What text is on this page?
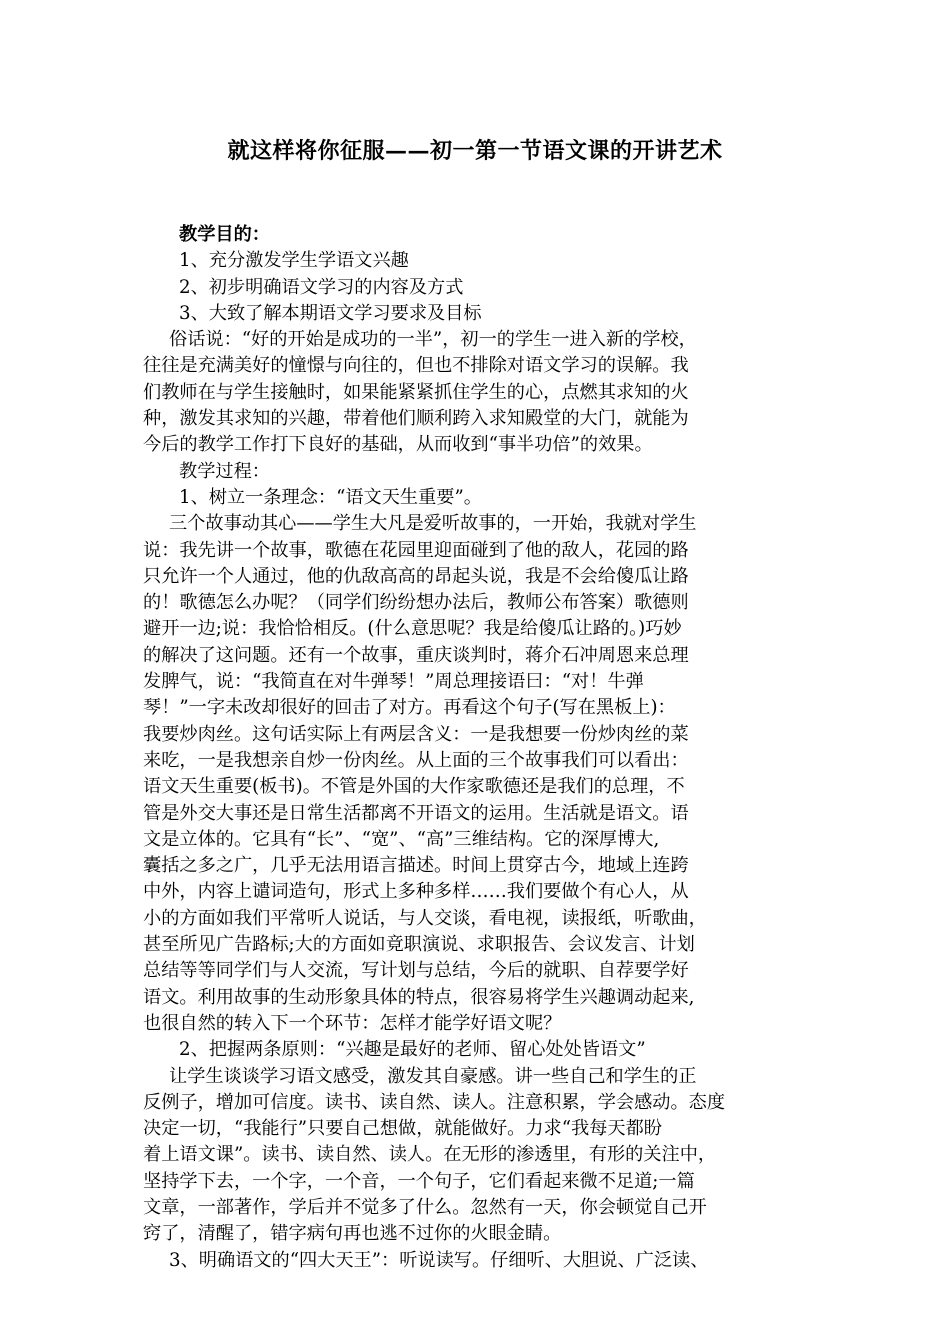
就这样将你征服——初一第一节语文课的开讲艺术
教学目的：
1、充分激发学生学语文兴趣
2、初步明确语文学习的内容及方式
3、大致了解本期语文学习要求及目标
俗话说：“好的开始是成功的一半”，初一的学生一进入新的学校，
往往是充满美好的憧憬与向往的，但也不排除对语文学习的误解。我
们教师在与学生接触时，如果能紧紧抓住学生的心，点燃其求知的火
种，激发其求知的兴趣，带着他们顺利跨入求知殿堂的大门，就能为
今后的教学工作打下良好的基础，从而收到“事半功倍”的效果。
教学过程：
1、树立一条理念：“语文天生重要”。
三个故事动其心——学生大凡是爱听故事的，一开始，我就对学生
说：我先讲一个故事，歌德在花园里迎面碰到了他的敌人，花园的路
只允许一个人通过，他的仇敌高高的昂起头说，我是不会给傻瓜让路
的！歌德怎么办呢？（同学们纷纷想办法后，教师公布答案）歌德则
避开一边;说：我恰恰相反。(什么意思呢？我是给傻瓜让路的。)巧妙
的解决了这问题。还有一个故事，重庆谈判时，蒋介石冲周恩来总理
发脾气，说：“我简直在对牛弹琴！”周总理接语曰：“对！牛弹
琴！”一字未改却很好的回击了对方。再看这个句子(写在黑板上)：
我要炒肉丝。这句话实际上有两层含义：一是我想要一份炒肉丝的菜
来吃，一是我想亲自炒一份肉丝。从上面的三个故事我们可以看出：
语文天生重要(板书)。不管是外国的大作家歌德还是我们的总理，不
管是外交大事还是日常生活都离不开语文的运用。生活就是语文。语
文是立体的。它具有“长”、“宽”、“高”三维结构。它的深厚博大,
囊括之多之广，几乎无法用语言描述。时间上贯穿古今，地域上连跨
中外，内容上谴词造句，形式上多种多样……我们要做个有心人，从
小的方面如我们平常听人说话，与人交谈，看电视，读报纸，听歌曲，
甚至所见广告路标;大的方面如竟职演说、求职报告、会议发言、计划
总结等等同学们与人交流，写计划与总结，今后的就职、自荐要学好
语文。利用故事的生动形象具体的特点，很容易将学生兴趣调动起来,
也很自然的转入下一个环节：怎样才能学好语文呢？
2、把握两条原则：“兴趣是最好的老师、留心处处皆语文”
让学生谈谈学习语文感受，激发其自豪感。讲一些自己和学生的正
反例子，增加可信度。读书、读自然、读人。注意积累，学会感动。态度
决定一切，“我能行”只要自己想做，就能做好。力求“我每天都盼
着上语文课”。读书、读自然、读人。在无形的渗透里，有形的关注中，
坚持学下去，一个字，一个音，一个句子，它们看起来微不足道;一篇
文章，一部著作，学后并不觉多了什么。忽然有一天，你会顿觉自己开
窍了，清醒了，错字病句再也逃不过你的火眼金睛。
3、明确语文的“四大天王”：听说读写。仔细听、大胆说、广泛读、
